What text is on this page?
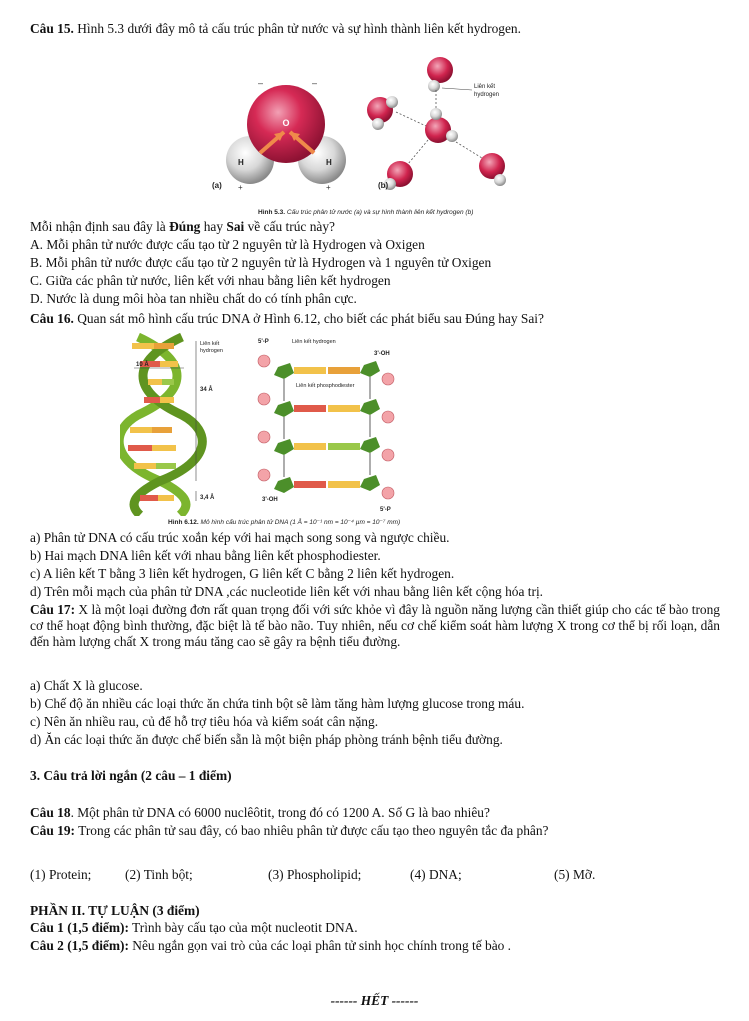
Câu 15. Hình 5.3 dưới đây mô tả cấu trúc phân tử nước và sự hình thành liên kết hydrogen.
O
H	H
–	–
+	+
(a)
Liên kết
hydrogen
(b)
Hình 5.3. Cấu trúc phân tử nước (a) và sự hình thành liên kết hydrogen (b)
Mỗi nhận định sau đây là Đúng hay Sai về cấu trúc này?
A. Mỗi phân tử nước được cấu tạo từ 2 nguyên tử là Hydrogen và Oxigen
B. Mỗi phân tử nước được cấu tạo từ 2 nguyên tử là Hydrogen và 1 nguyên tử Oxigen
C. Giữa các phân tử nước, liên kết với nhau bằng liên kết hydrogen
D. Nước là dung môi hòa tan nhiều chất do có tính phân cực.
Câu 16. Quan sát mô hình cấu trúc DNA ở Hình 6.12, cho biết các phát biểu sau Đúng hay Sai?
10 Å
34 Å
Liên kết
hydrogen
3,4 Å
5'-P	Liên kết hydrogen
3'-OH
Liên kết phosphodiester
3'-OH
5'-P
Hình 6.12. Mô hình cấu trúc phân tử DNA (1 Å = 10⁻¹ nm = 10⁻⁴ µm = 10⁻⁷ mm)
a) Phân tử DNA có cấu trúc xoắn kép với hai mạch song song và ngược chiều.
b) Hai mạch DNA liên kết với nhau bằng liên kết phosphodiester.
c) A liên kết T bằng 3 liên kết hydrogen, G liên kết C bằng 2 liên kết hydrogen.
d) Trên mỗi mạch của phân tử DNA ,các nucleotide liên kết với nhau bằng liên kết cộng hóa trị.
Câu 17: X là một loại đường đơn rất quan trọng đối với sức khỏe vì đây là nguồn năng lượng cần thiết giúp cho các tế bào trong cơ thể hoạt động bình thường, đặc biệt là tế bào não. Tuy nhiên, nếu cơ chế kiểm soát hàm lượng X trong cơ thể bị rối loạn, dẫn đến hàm lượng chất X trong máu tăng cao sẽ gây ra bệnh tiểu đường.
a) Chất X là glucose.
b) Chế độ ăn nhiều các loại thức ăn chứa tinh bột sẽ làm tăng hàm lượng glucose trong máu.
c) Nên ăn nhiều rau, củ để hỗ trợ tiêu hóa và kiểm soát cân nặng.
d) Ăn các loại thức ăn được chế biến sẵn là một biện pháp phòng tránh bệnh tiểu đường.
3. Câu trả lời ngắn (2 câu – 1 điểm)
Câu 18. Một phân tử DNA có 6000 nuclêôtit, trong đó có 1200 A. Số G là bao nhiêu?
Câu 19: Trong các phân tử sau đây, có bao nhiêu phân tử được cấu tạo theo nguyên tắc đa phân?
(1) Protein;	(2) Tinh bột;	(3) Phospholipid;	(4) DNA;	(5) Mỡ.
PHẦN II. TỰ LUẬN (3 điểm)
Câu 1 (1,5 điểm): Trình bày cấu tạo của một nucleotit DNA.
Câu 2 (1,5 điểm): Nêu ngắn gọn vai trò của các loại phân tử sinh học chính trong tế bào .
------ HẾT ------
